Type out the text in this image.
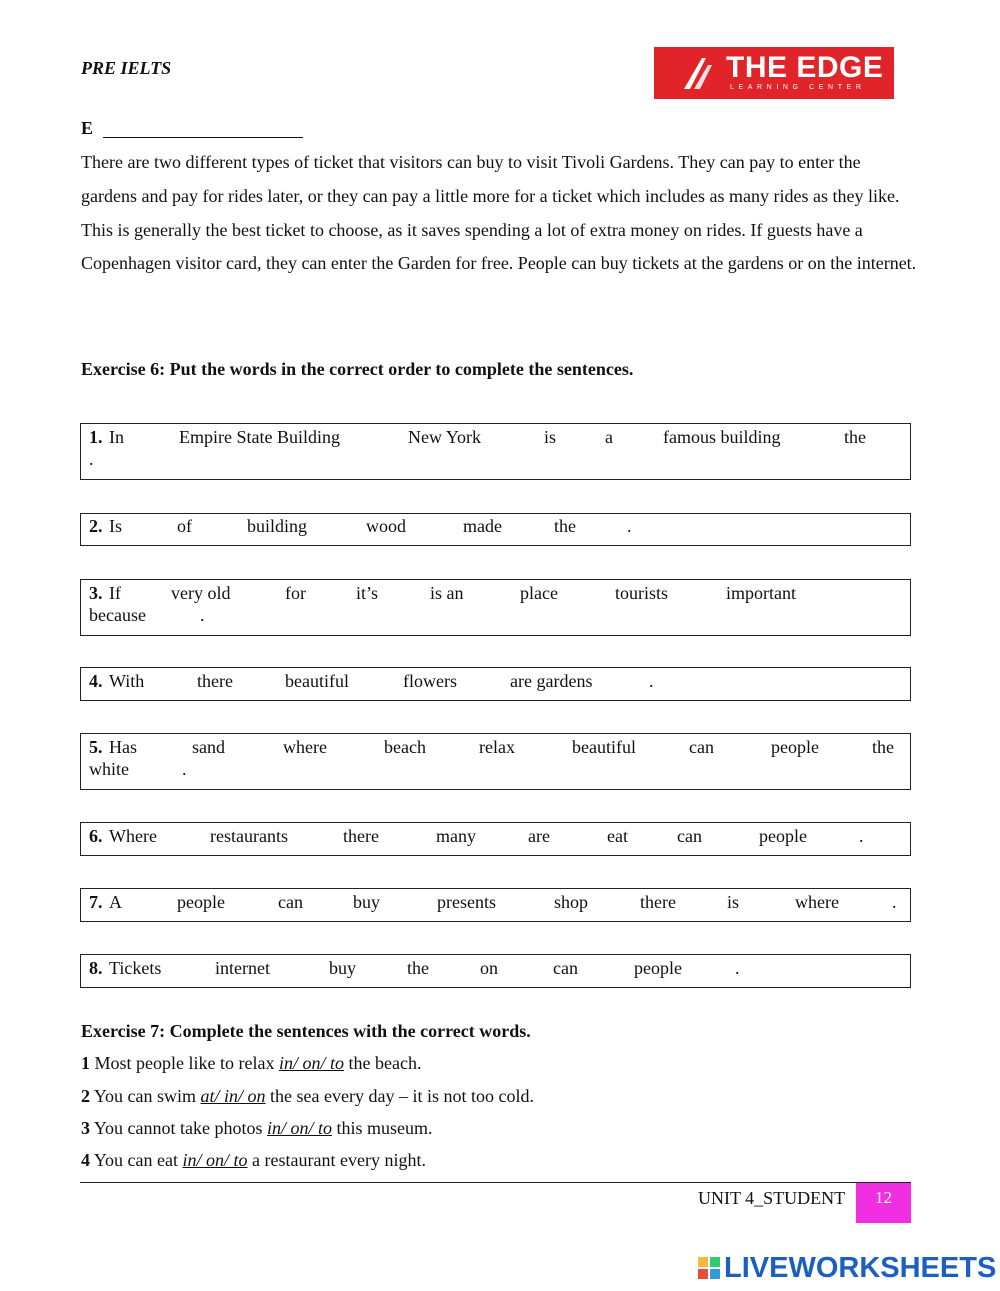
PRE IELTS	THE EDGE
LEARNING CENTER
E
There are two different types of ticket that visitors can buy to visit Tivoli Gardens. They can pay to enter the gardens and pay for rides later, or they can pay a little more for a ticket which includes as many rides as they like. This is generally the best ticket to choose, as it saves spending a lot of extra money on rides. If guests have a Copenhagen visitor card, they can enter the Garden for free. People can buy tickets at the gardens or on the internet.
Exercise 6: Put the words in the correct order to complete the sentences.
1. In	Empire State Building	New York	is	a	famous building	the
.
2. Is	of	building	wood	made	the	.
3. If	very old	for	it’s	is an	place	tourists	important
because	.
4. With	there	beautiful	flowers	are gardens	.
5. Has	sand	where	beach	relax	beautiful	can	people	the
white	.
6. Where	restaurants	there	many	are	eat	can	people	.
7. A	people	can	buy	presents	shop	there	is	where	.
8. Tickets	internet	buy	the	on	can	people	.
Exercise 7: Complete the sentences with the correct words.
1 Most people like to relax in/ on/ to the beach.
2 You can swim at/ in/ on the sea every day – it is not too cold.
3 You cannot take photos in/ on/ to this museum.
4 You can eat in/ on/ to a restaurant every night.
UNIT 4_STUDENT	12
LIVEWORKSHEETS
